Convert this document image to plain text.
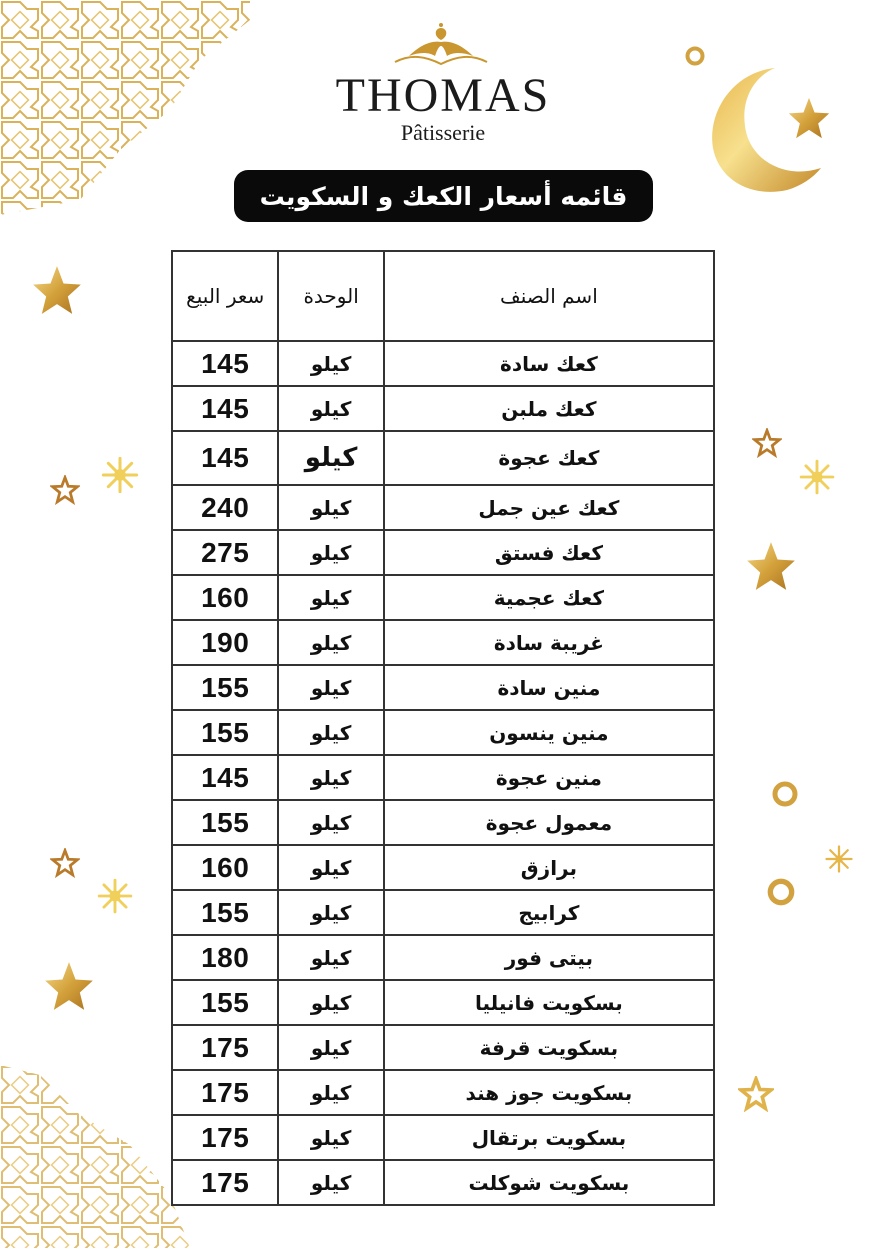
THOMAS
Pâtisserie
قائمه أسعار الكعك و السكويت
اسم الصنف	الوحدة	سعر البيع
كعك سادة	كيلو	145
كعك ملبن	كيلو	145
كعك عجوة	كيلو	145
كعك عين جمل	كيلو	240
كعك فستق	كيلو	275
كعك عجمية	كيلو	160
غريبة سادة	كيلو	190
منين سادة	كيلو	155
منين ينسون	كيلو	155
منين عجوة	كيلو	145
معمول عجوة	كيلو	155
برازق	كيلو	160
كرابيج	كيلو	155
بيتى فور	كيلو	180
بسكويت فانيليا	كيلو	155
بسكويت قرفة	كيلو	175
بسكويت جوز هند	كيلو	175
بسكويت برتقال	كيلو	175
بسكويت شوكلت	كيلو	175
